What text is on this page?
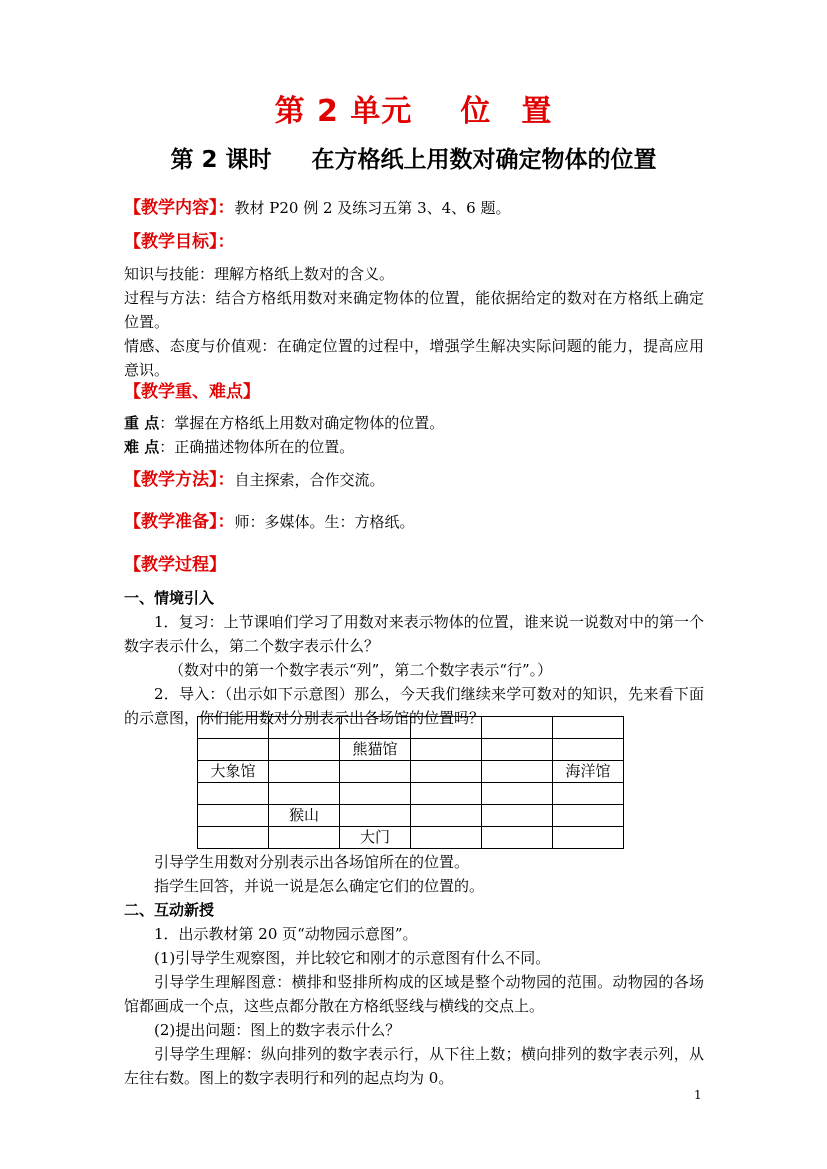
第 2 单元 位 置
第 2 课时 在方格纸上用数对确定物体的位置
【教学内容】：教材 P20 例 2 及练习五第 3、4、6 题。
【教学目标】：
知识与技能：理解方格纸上数对的含义。
过程与方法：结合方格纸用数对来确定物体的位置，能依据给定的数对在方格纸上确定位置。
情感、态度与价值观：在确定位置的过程中，增强学生解决实际问题的能力，提高应用意识。
【教学重、难点】
重 点：掌握在方格纸上用数对确定物体的位置。
难 点：正确描述物体所在的位置。
【教学方法】：自主探索，合作交流。
【教学准备】：师：多媒体。生：方格纸。
【教学过程】
一、情境引入
1．复习：上节课咱们学习了用数对来表示物体的位置，谁来说一说数对中的第一个数字表示什么，第二个数字表示什么？
（数对中的第一个数字表示“列”，第二个数字表示“行”。）
2．导入：（出示如下示意图）那么，今天我们继续来学可数对的知识，先来看下面的示意图，你们能用数对分别表示出各场馆的位置吗？

		熊猫馆			
大象馆					海洋馆

	猴山				
		大门			
引导学生用数对分别表示出各场馆所在的位置。
指学生回答，并说一说是怎么确定它们的位置的。
二、互动新授
1．出示教材第 20 页“动物园示意图”。
(1)引导学生观察图，并比较它和刚才的示意图有什么不同。
引导学生理解图意：横排和竖排所构成的区域是整个动物园的范围。动物园的各场馆都画成一个点，这些点都分散在方格纸竖线与横线的交点上。
(2)提出问题：图上的数字表示什么？
引导学生理解：纵向排列的数字表示行，从下往上数；横向排列的数字表示列，从左往右数。图上的数字表明行和列的起点均为 0。
1
